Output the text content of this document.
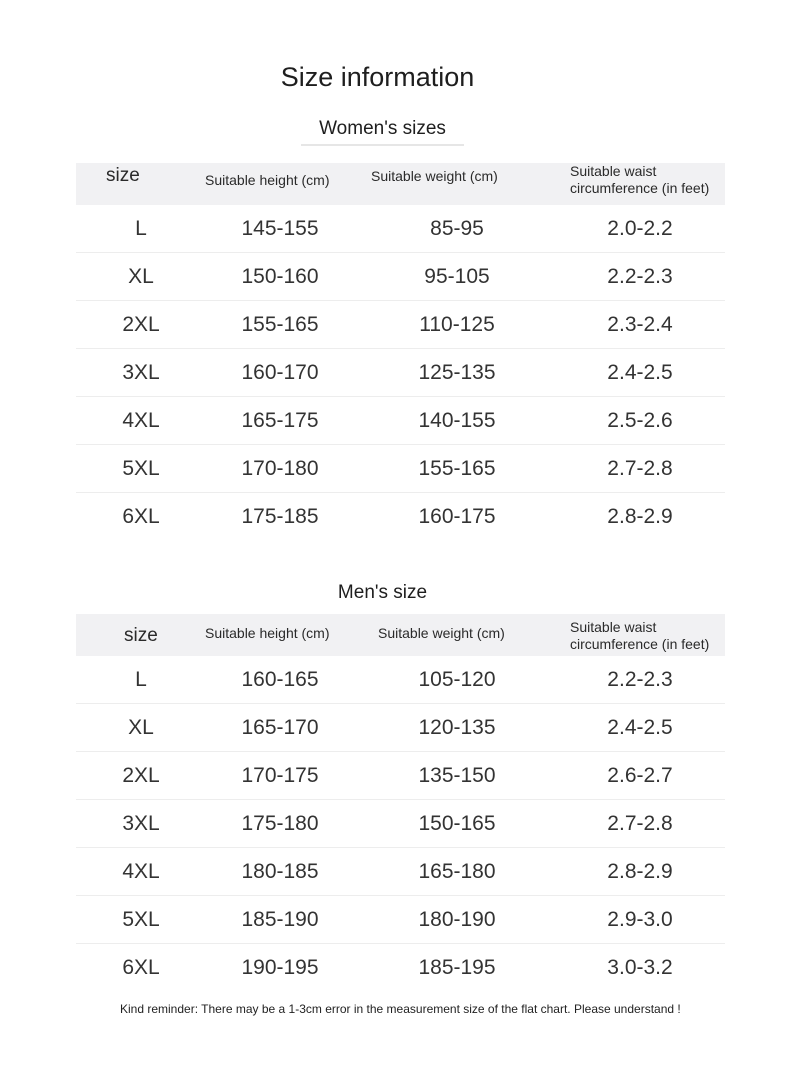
Size information
Women's sizes
size	Suitable height (cm)	Suitable weight (cm)	Suitable waist
circumference (in feet)
L	145-155	85-95	2.0-2.2
XL	150-160	95-105	2.2-2.3
2XL	155-165	110-125	2.3-2.4
3XL	160-170	125-135	2.4-2.5
4XL	165-175	140-155	2.5-2.6
5XL	170-180	155-165	2.7-2.8
6XL	175-185	160-175	2.8-2.9
Men's size
size	Suitable height (cm)	Suitable weight (cm)	Suitable waist
circumference (in feet)
L	160-165	105-120	2.2-2.3
XL	165-170	120-135	2.4-2.5
2XL	170-175	135-150	2.6-2.7
3XL	175-180	150-165	2.7-2.8
4XL	180-185	165-180	2.8-2.9
5XL	185-190	180-190	2.9-3.0
6XL	190-195	185-195	3.0-3.2
Kind reminder: There may be a 1-3cm error in the measurement size of the flat chart. Please understand !
